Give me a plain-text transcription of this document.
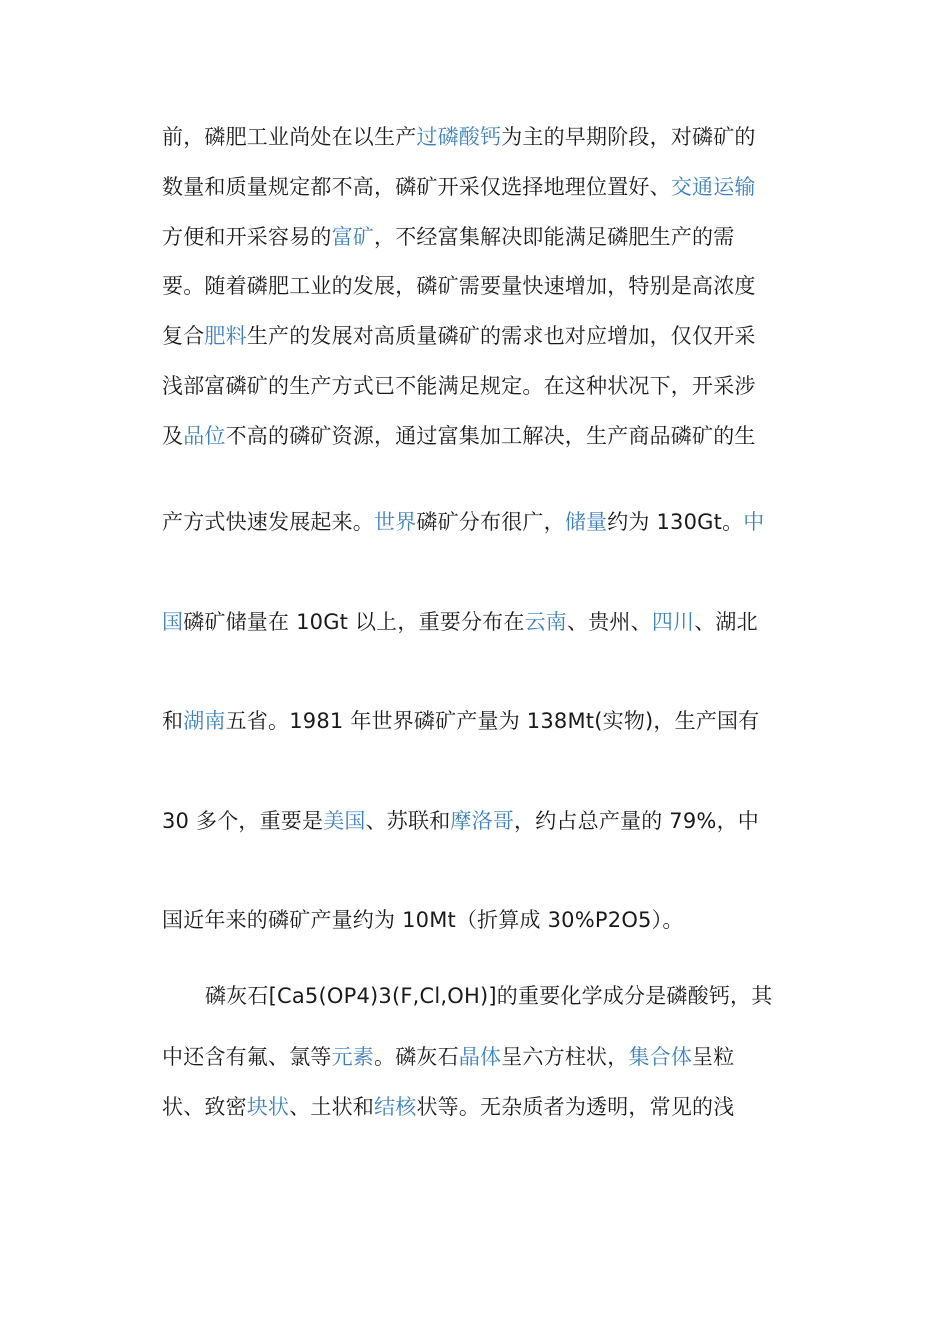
前，磷肥工业尚处在以生产过磷酸钙为主的早期阶段，对磷矿的
数量和质量规定都不高，磷矿开采仅选择地理位置好、交通运输
方便和开采容易的富矿，不经富集解决即能满足磷肥生产的需
要。随着磷肥工业的发展，磷矿需要量快速增加，特别是高浓度
复合肥料生产的发展对高质量磷矿的需求也对应增加，仅仅开采
浅部富磷矿的生产方式已不能满足规定。在这种状况下，开采涉
及品位不高的磷矿资源，通过富集加工解决，生产商品磷矿的生
产方式快速发展起来。世界磷矿分布很广，储量约为 130Gt。中
国磷矿储量在 10Gt 以上，重要分布在云南、贵州、四川、湖北
和湖南五省。1981 年世界磷矿产量为 138Mt(实物)，生产国有
30 多个，重要是美国、苏联和摩洛哥，约占总产量的 79%，中
国近年来的磷矿产量约为 10Mt（折算成 30%P2O5）。
磷灰石[Ca5(OP4)3(F,Cl,OH)]的重要化学成分是磷酸钙，其
中还含有氟、氯等元素。磷灰石晶体呈六方柱状，集合体呈粒
状、致密块状、土状和结核状等。无杂质者为透明，常见的浅
